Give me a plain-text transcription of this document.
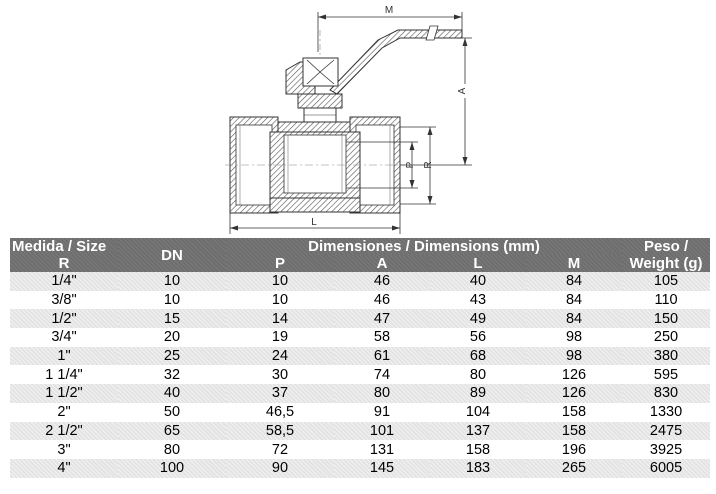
M
A
P R
L
Medida / Size	DN	Dimensiones / Dimensions (mm)				Peso /
R		P	A	L	M	Weight (g)
1/4"	10	10	46	40	84	105
3/8"	10	10	46	43	84	110
1/2"	15	14	47	49	84	150
3/4"	20	19	58	56	98	250
1"	25	24	61	68	98	380
1 1/4"	32	30	74	80	126	595
1 1/2"	40	37	80	89	126	830
2"	50	46,5	91	104	158	1330
2 1/2"	65	58,5	101	137	158	2475
3"	80	72	131	158	196	3925
4"	100	90	145	183	265	6005
